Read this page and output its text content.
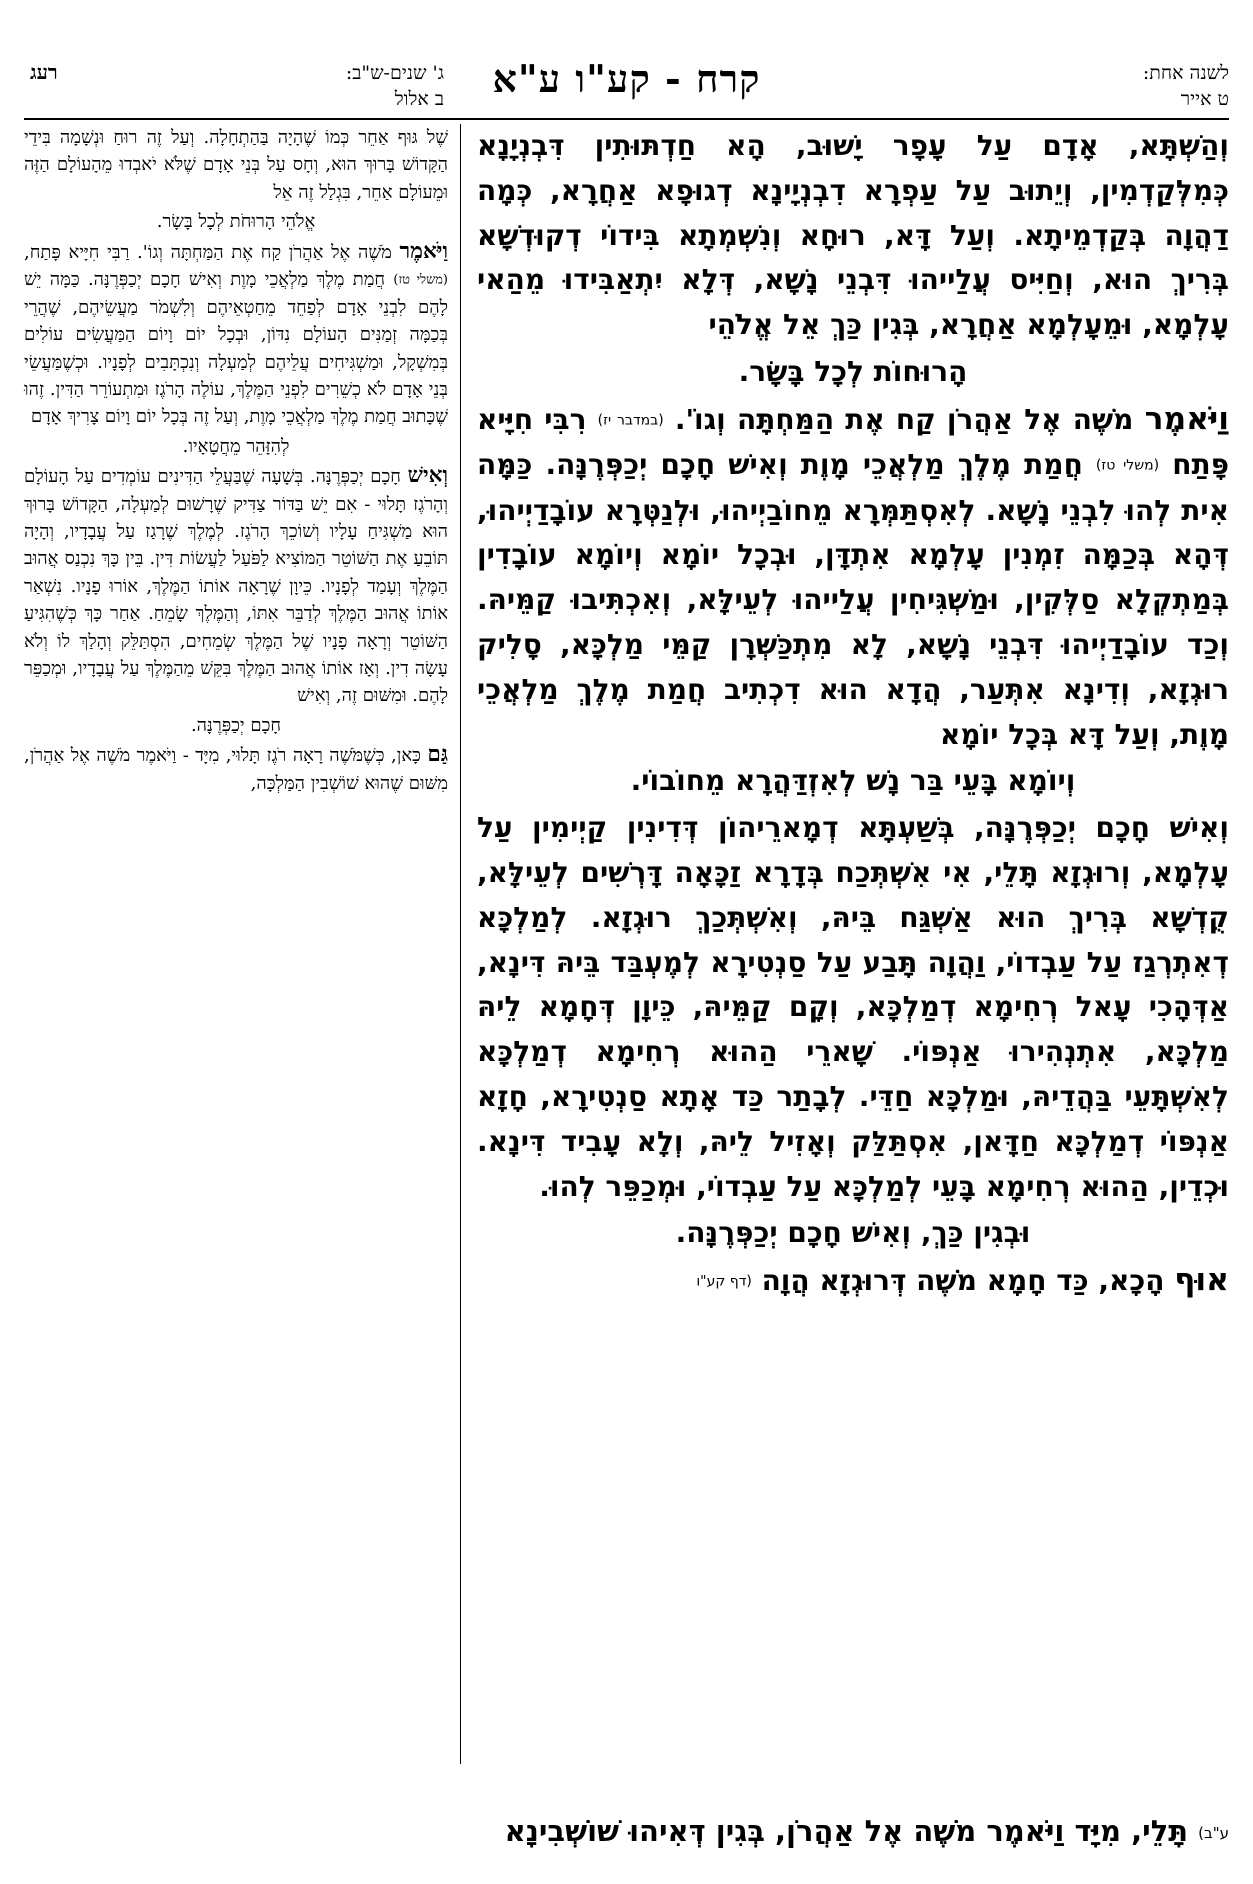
לשנה אחת:
ט אייר
קרח - קע"ו ע"א
ג' שנים-ש"ב:
ב אלול
רעג

וְהַשְׁתָּא, אָדָם עַל עָפָר יָשׁוּב, הָא חַדְתּוּתִין דִּבְנְיָנָא כְּמִלְּקַדְמִין, וְיֵתוּב עַל עַפְרָא דִבְנְיָינָא דְגוּפָא אַחֲרָא, כְּמָה דַהֲוָה בְּקַדְמֵיתָא. וְעַל דָּא, רוּחָא וְנִשְׁמְתָא בִּידוֹי דְקוּדְשָׁא בְּרִיךְ הוּא, וְחַיִּיס עֲלַייהוּ דִּבְנֵי נָשָׁא, דְּלָא יִתְאַבִּידוּ מֵהַאי עָלְמָא, וּמֵעָלְמָא אַחֲרָא, בְּגִין כַּךְ אֵל אֱלֹהֵי

הָרוּחוֹת לְכָל בָּשָׂר.

וַיֹּאמֶר מֹשֶׁה אֶל אַהֲרֹן קַח אֶת הַמַּחְתָּה וְגוֹ'. (במדבר יז) רִבִּי חִיָּיא פָּתַח (משלי טז) חֲמַת מֶלֶךְ מַלְאֲכֵי מָוֶת וְאִישׁ חָכָם יְכַפְּרֶנָּה. כַּמָּה אִית לְהוּ לִבְנֵי נָשָׁא. לְאִסְתַּמְּרָא מֵחוֹבַיְיהוּ, וּלְנַטְּרָא עוֹבָדַיְיהוּ, דְּהָא בְּכַמָּה זִמְנִין עָלְמָא אִתְדָּן, וּבְכָל יוֹמָא וְיוֹמָא עוֹבָדִין בְּמַתְקְלָא סַלְּקִין, וּמַשְׁגִּיחִין עֲלַייהוּ לְעֵילָּא, וְאִכְתִּיבוּ קַמֵּיהּ. וְכַד עוֹבָדַיְיהוּ דִּבְנֵי נָשָׁא, לָא מִתְכַּשְּׁרָן קַמֵּי מַלְכָּא, סָלִיק רוּגְזָא, וְדִינָא אִתְּעַר, הֲדָא הוּא דִכְתִיב חֲמַת מֶלֶךְ מַלְאֲכֵי מָוֶת, וְעַל דָּא בְּכָל יוֹמָא

וְיוֹמָא בָּעֵי בַּר נָשׁ לְאִזְדַּהֲרָא מֵחוֹבוֹי.

וְאִישׁ חָכָם יְכַפְּרֶנָּה, בְּשַׁעְתָּא דְמָארֵיהוֹן דְּדִינִין קַיְימִין עַל עָלְמָא, וְרוּגְזָא תָּלֵי, אִי אִשְׁתְּכַח בְּדָרָא זַכָּאָה דָּרְשִׁים לְעֵילָּא, קֻדְשָׁא בְּרִיךְ הוּא אַשְׁגַּח בֵּיהּ, וְאִשְׁתְּכַךְ רוּגְזָא. לְמַלְכָּא דְאִתְרְגַז עַל עַבְדוֹי, וַהֲוָה תָּבַע עַל סַנְטִירָא לְמֶעְבַּד בֵּיהּ דִּינָא, אַדְּהָכִי עָאל רְחִימָא דְמַלְכָּא, וְקָם קַמֵּיהּ, כֵּיוָן דְּחָמָא לֵיהּ מַלְכָּא, אִתְנְהִירוּ אַנְפּוֹי. שָׁארֵי הַהוּא רְחִימָא דְמַלְכָּא לְאִשְׁתָּעֵי בַּהֲדֵיהּ, וּמַלְכָּא חַדֵּי. לְבָתַר כַּד אָתָא סַנְטִירָא, חָזָא אַנְפּוֹי דְמַלְכָּא חַדָּאן, אִסְתַּלַּק וְאָזִיל לֵיהּ, וְלָא עָבִיד דִּינָא. וּכְדֵין, הַהוּא רְחִימָא בָּעֵי לְמַלְכָּא עַל עַבְדוֹי, וּמְכַפֵּר לְהוּ.

וּבְגִין כַּךְ, וְאִישׁ חָכָם יְכַפְּרֶנָּה.

אוּף הָכָא, כַּד חָמָא מֹשֶׁה דְּרוּגְזָא הֲוָה (דף קע"ו

שֶׁל גּוּף אַחֵר כְּמוֹ שֶׁהָיָה בַּהַתְחָלָה. וְעַל זֶה רוּחַ וּנְשָׁמָה בִּידֵי הַקָּדוֹשׁ בָּרוּךְ הוּא, וְחָס עַל בְּנֵי אָדָם שֶׁלֹּא יֹאבְדוּ מֵהָעוֹלָם הַזֶּה וּמֵעוֹלָם אַחֵר, בִּגְלַל זֶה אֵל

אֱלֹהֵי הָרוּחֹת לְכָל בָּשָׂר.

וַיֹּאמֶר מֹשֶׁה אֶל אַהֲרֹן קַח אֶת הַמַּחְתָּה וְגוֹ'. רַבִּי חִיָּיא פָּתַח, (משלי טז) חֲמַת מֶלֶךְ מַלְאֲכֵי מָוֶת וְאִישׁ חָכָם יְכַפְּרֶנָּה. כַּמָּה יֵשׁ לָהֶם לִבְנֵי אָדָם לְפַחֵד מֵחַטְאֵיהֶם וְלִשְׁמֹר מַעֲשֵׂיהֶם, שֶׁהֲרֵי בְּכַמָּה זְמַנִּים הָעוֹלָם נִדּוֹן, וּבְכָל יוֹם וָיוֹם הַמַּעֲשִׂים עוֹלִים בְּמִשְׁקָל, וּמַשְׁגִּיחִים עֲלֵיהֶם לְמַעְלָה וְנִכְתָּבִים לְפָנָיו. וּכְשֶׁמַּעֲשֵׂי בְּנֵי אָדָם לֹא כְשֵׁרִים לִפְנֵי הַמֶּלֶךְ, עוֹלֶה הָרֹגֶז וּמִתְעוֹרֵר הַדִּין. זֶהוּ שֶׁכָּתוּב חֲמַת מֶלֶךְ מַלְאֲכֵי מָוֶת, וְעַל זֶה בְּכָל יוֹם וָיוֹם צָרִיךְ אָדָם

לְהִזָּהֵר מֵחֲטָאָיו.

וְאִישׁ חָכָם יְכַפְּרֶנָּה. בְּשָׁעָה שֶׁבַּעֲלֵי הַדִּינִים עוֹמְדִים עַל הָעוֹלָם וְהָרֹגֶז תָּלוּי - אִם יֵשׁ בַּדּוֹר צַדִּיק שֶׁרָשׁוּם לְמַעְלָה, הַקָּדוֹשׁ בָּרוּךְ הוּא מַשְׁגִּיחַ עָלָיו וְשׁוֹכֵךְ הָרֹגֶז. לְמֶלֶךְ שֶׁרָגַז עַל עֲבָדָיו, וְהָיָה תּוֹבֵעַ אֶת הַשּׁוֹטֵר הַמּוֹצִיא לַפֹּעַל לַעֲשׂוֹת דִּין. בֵּין כָּךְ נִכְנַס אֲהוּב הַמֶּלֶךְ וְעָמַד לְפָנָיו. כֵּיוָן שֶׁרָאָה אוֹתוֹ הַמֶּלֶךְ, אוֹרוּ פָנָיו. נִשְׁאַר אוֹתוֹ אֲהוּב הַמֶּלֶךְ לְדַבֵּר אִתּוֹ, וְהַמֶּלֶךְ שָׂמֵחַ. אַחַר כָּךְ כְּשֶׁהִגִּיעַ הַשּׁוֹטֵר וְרָאָה פָנָיו שֶׁל הַמֶּלֶךְ שְׂמֵחִים, הִסְתַּלֵּק וְהָלַךְ לוֹ וְלֹא עָשָׂה דִין. וְאָז אוֹתוֹ אֲהוּב הַמֶּלֶךְ בִּקֵּשׁ מֵהַמֶּלֶךְ עַל עֲבָדָיו, וּמְכַפֵּר לָהֶם. וּמִשּׁוּם זֶה, וְאִישׁ

חָכָם יְכַפְּרֶנָּה.

גַּם כָּאן, כְּשֶׁמֹּשֶׁה רָאָה רֹגֶז תָּלוּי, מִיָּד - וַיֹּאמֶר מֹשֶׁה אֶל אַהֲרֹן, מִשּׁוּם שֶׁהוּא שׁוֹשְׁבִין הַמַּלְכָּה,

ע"ב) תָּלֵי, מִיָּד וַיֹּאמֶר מֹשֶׁה אֶל אַהֲרֹן, בְּגִין דְּאִיהוּ שׁוֹשְׁבִינָא
